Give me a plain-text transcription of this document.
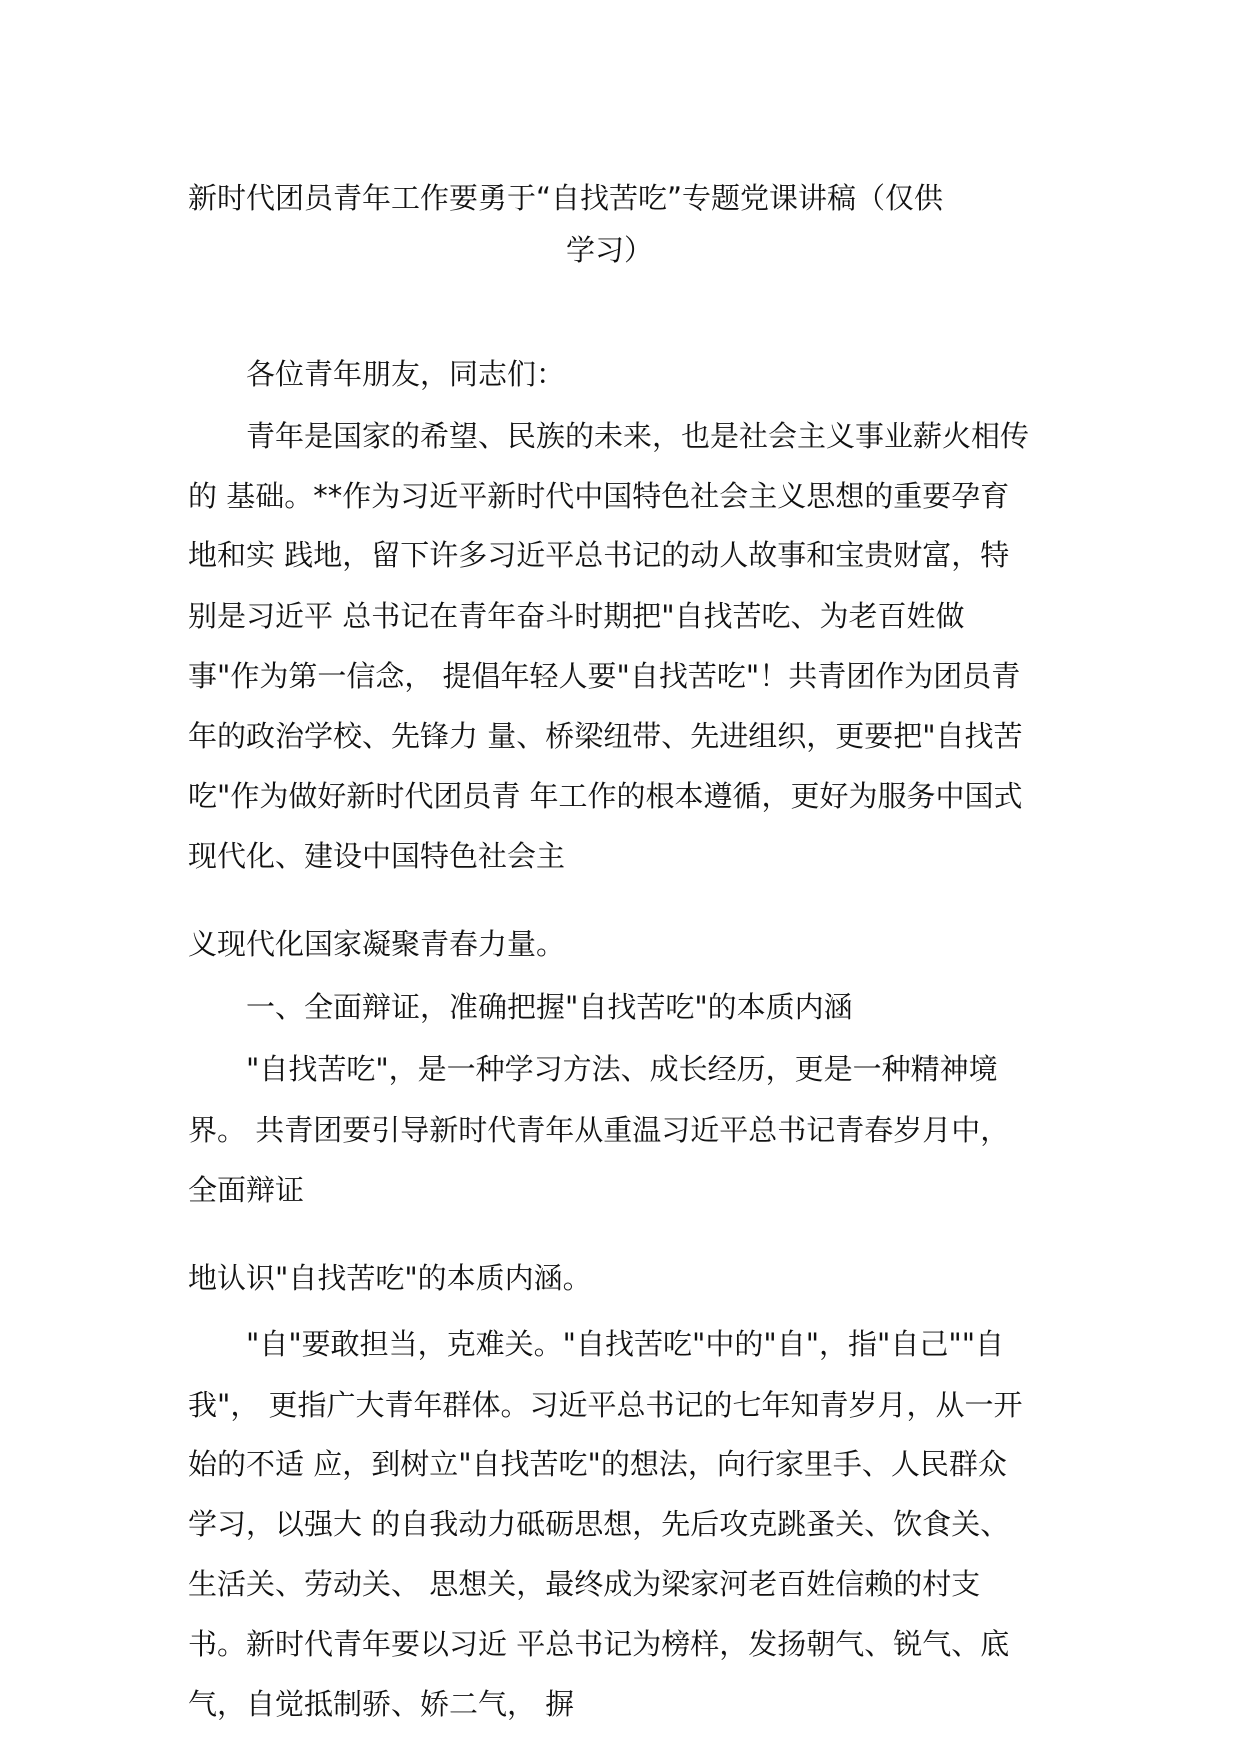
新时代团员青年工作要勇于“自找苦吃”专题党课讲稿（仅供
学习）
各位青年朋友，同志们：
青年是国家的希望、民族的未来，也是社会主义事业薪火相传
的 基础。**作为习近平新时代中国特色社会主义思想的重要孕育
地和实 践地，留下许多习近平总书记的动人故事和宝贵财富，特
别是习近平 总书记在青年奋斗时期把"自找苦吃、为老百姓做
事"作为第一信念， 提倡年轻人要"自找苦吃"！共青团作为团员青
年的政治学校、先锋力 量、桥梁纽带、先进组织，更要把"自找苦
吃"作为做好新时代团员青 年工作的根本遵循，更好为服务中国式
现代化、建设中国特色社会主
义现代化国家凝聚青春力量。
一、全面辩证，准确把握"自找苦吃"的本质内涵
"自找苦吃"，是一种学习方法、成长经历，更是一种精神境
界。 共青团要引导新时代青年从重温习近平总书记青春岁月中，
全面辩证
地认识"自找苦吃"的本质内涵。
"自"要敢担当，克难关。"自找苦吃"中的"自"，指"自己""自
我"， 更指广大青年群体。习近平总书记的七年知青岁月，从一开
始的不适 应，到树立"自找苦吃"的想法，向行家里手、人民群众
学习，以强大 的自我动力砥砺思想，先后攻克跳蚤关、饮食关、
生活关、劳动关、 思想关，最终成为梁家河老百姓信赖的村支
书。新时代青年要以习近 平总书记为榜样，发扬朝气、锐气、底
气，自觉抵制骄、娇二气， 摒
